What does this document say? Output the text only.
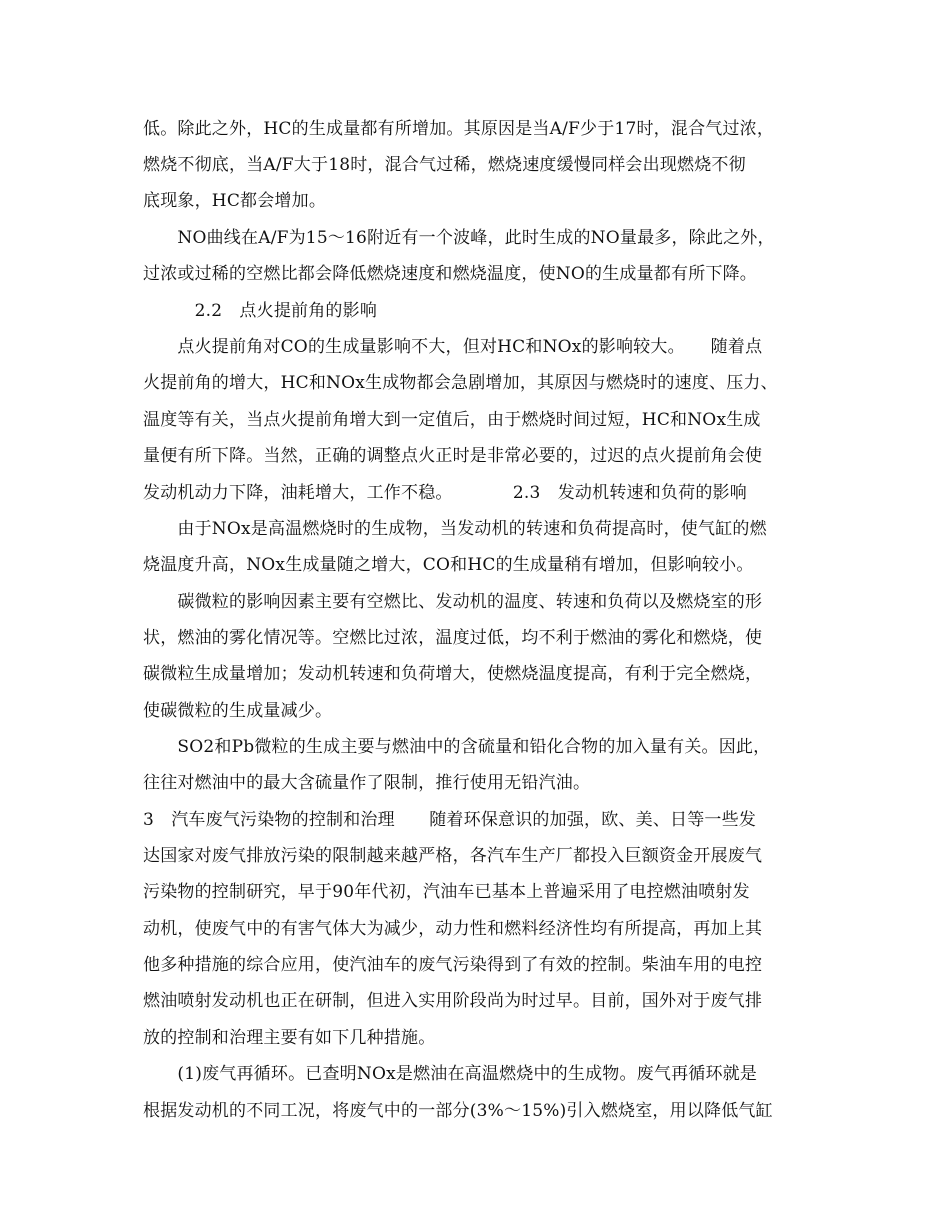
低。除此之外，HC的生成量都有所增加。其原因是当A/F少于17时，混合气过浓，
燃烧不彻底，当A/F大于18时，混合气过稀，燃烧速度缓慢同样会出现燃烧不彻
底现象，HC都会增加。
　　NO曲线在A/F为15～16附近有一个波峰，此时生成的NO量最多，除此之外，
过浓或过稀的空燃比都会降低燃烧速度和燃烧温度，使NO的生成量都有所下降。
　　　2.2　点火提前角的影响
　　点火提前角对CO的生成量影响不大，但对HC和NOx的影响较大。　　随着点
火提前角的增大，HC和NOx生成物都会急剧增加，其原因与燃烧时的速度、压力、
温度等有关，当点火提前角增大到一定值后，由于燃烧时间过短，HC和NOx生成
量便有所下降。当然，正确的调整点火正时是非常必要的，过迟的点火提前角会使
发动机动力下降，油耗增大，工作不稳。　　　　2.3　发动机转速和负荷的影响
　　由于NOx是高温燃烧时的生成物，当发动机的转速和负荷提高时，使气缸的燃
烧温度升高，NOx生成量随之增大，CO和HC的生成量稍有增加，但影响较小。
　　碳微粒的影响因素主要有空燃比、发动机的温度、转速和负荷以及燃烧室的形
状，燃油的雾化情况等。空燃比过浓，温度过低，均不利于燃油的雾化和燃烧，使
碳微粒生成量增加；发动机转速和负荷增大，使燃烧温度提高，有利于完全燃烧，
使碳微粒的生成量减少。
　　SO2和Pb微粒的生成主要与燃油中的含硫量和铅化合物的加入量有关。因此，
往往对燃油中的最大含硫量作了限制，推行使用无铅汽油。
3　汽车废气污染物的控制和治理　　随着环保意识的加强，欧、美、日等一些发
达国家对废气排放污染的限制越来越严格，各汽车生产厂都投入巨额资金开展废气
污染物的控制研究，早于90年代初，汽油车已基本上普遍采用了电控燃油喷射发
动机，使废气中的有害气体大为减少，动力性和燃料经济性均有所提高，再加上其
他多种措施的综合应用，使汽油车的废气污染得到了有效的控制。柴油车用的电控
燃油喷射发动机也正在研制，但进入实用阶段尚为时过早。目前，国外对于废气排
放的控制和治理主要有如下几种措施。
　　(1)废气再循环。已查明NOx是燃油在高温燃烧中的生成物。废气再循环就是
根据发动机的不同工况，将废气中的一部分(3%～15%)引入燃烧室，用以降低气缸
